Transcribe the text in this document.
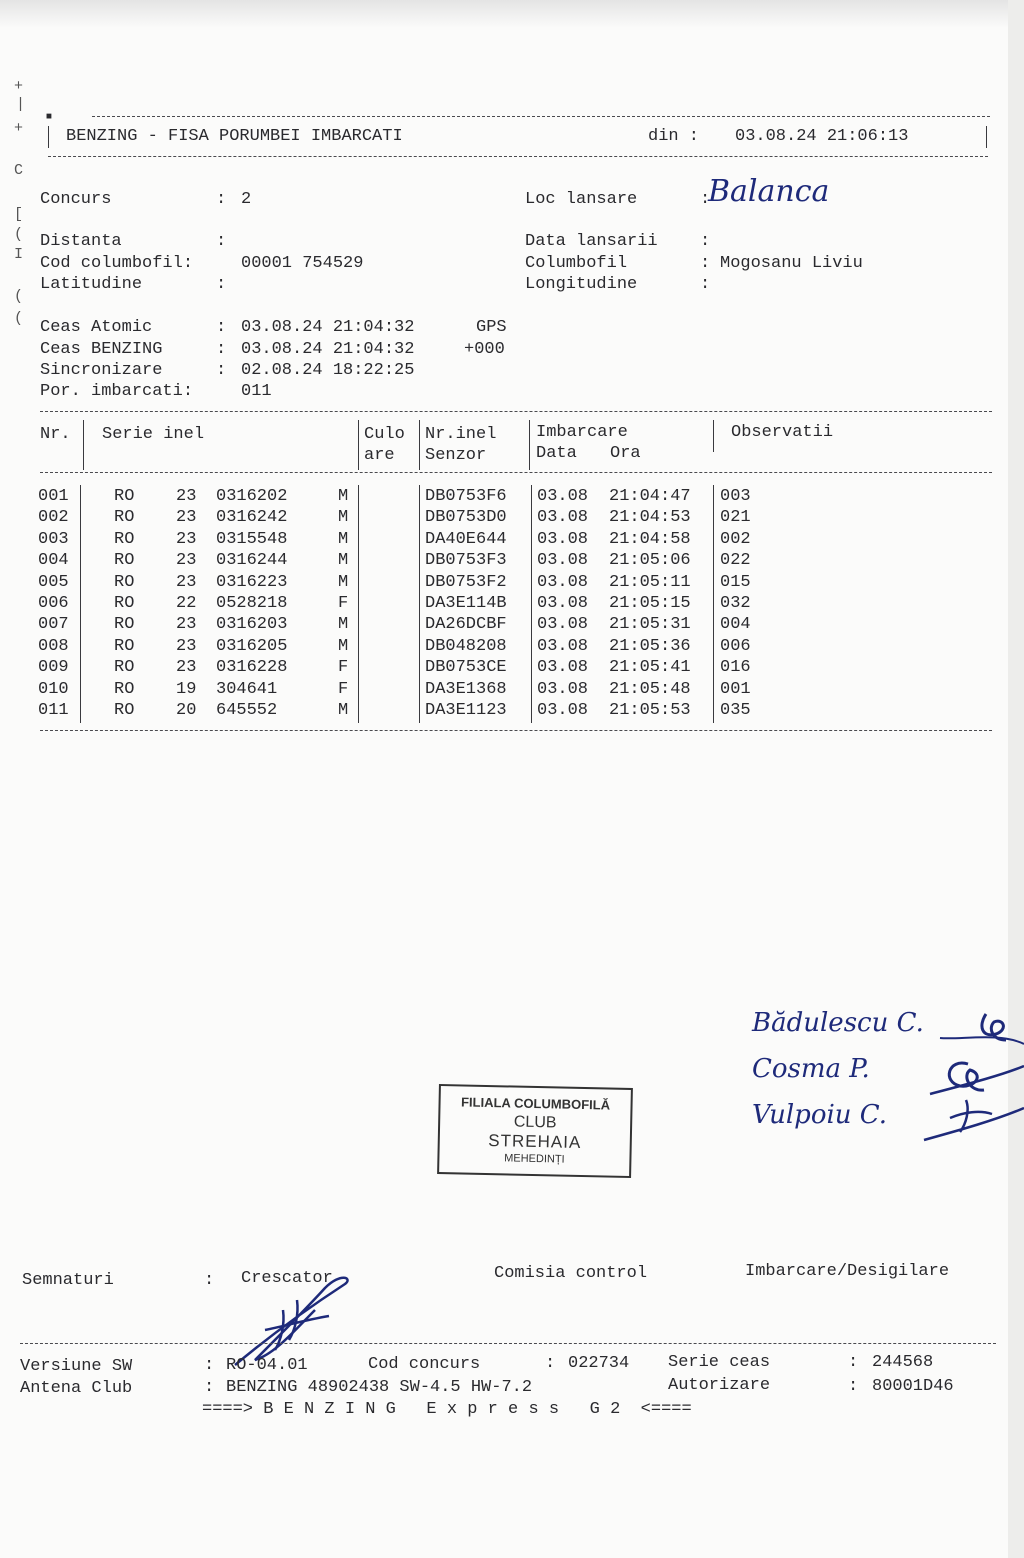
+
|
+
C
[
(
I
(
(
■
BENZING - FISA PORUMBEI IMBARCATI	din : 03.08.24 21:06:13
Concurs	: 2	Loc lansare	:
Balanca
Distanta	:	Data lansarii :
Cod columbofil:	00001 754529	Columbofil	: Mogosanu Liviu
Latitudine	:	Longitudine	:
Ceas Atomic	: 03.08.24 21:04:32	GPS
Ceas BENZING	: 03.08.24 21:04:32	+000
Sincronizare	: 02.08.24 18:22:25
Por. imbarcati:	011
Nr. Serie inel	Culo
are
Nr.inel
Senzor
Imbarcare
Data Ora
Observatii
001	RO 23 0316202	M	DB0753F6 03.08 21:04:47 003
002	RO 23 0316242	M	DB0753D0 03.08 21:04:53 021
003	RO 23 0315548	M	DA40E644 03.08 21:04:58 002
004	RO 23 0316244	M	DB0753F3 03.08 21:05:06 022
005	RO 23 0316223	M	DB0753F2 03.08 21:05:11 015
006	RO 22 0528218	F	DA3E114B 03.08 21:05:15 032
007	RO 23 0316203	M	DA26DCBF 03.08 21:05:31 004
008	RO 23 0316205	M	DB048208 03.08 21:05:36 006
009	RO 23 0316228	F	DB0753CE 03.08 21:05:41 016
010	RO 19 304641	F	DA3E1368 03.08 21:05:48 001
011	RO 20 645552	M	DA3E1123 03.08 21:05:53 035
Bădulescu C.
Cosma P.
Vulpoiu C.
FILIALA COLUMBOFILĂ
CLUB
STREHAIA
MEHEDINȚI
Semnaturi	: Crescator	Comisia control	Imbarcare/Desigilare
Versiune SW	: RO-04.01	Cod concurs	: 022734 Serie ceas	: 244568
Antena Club	: BENZING 48902438 SW-4.5 HW-7.2	Autorizare	: 80001D46
====> B E N Z I N G   E x p r e s s   G 2  <====
